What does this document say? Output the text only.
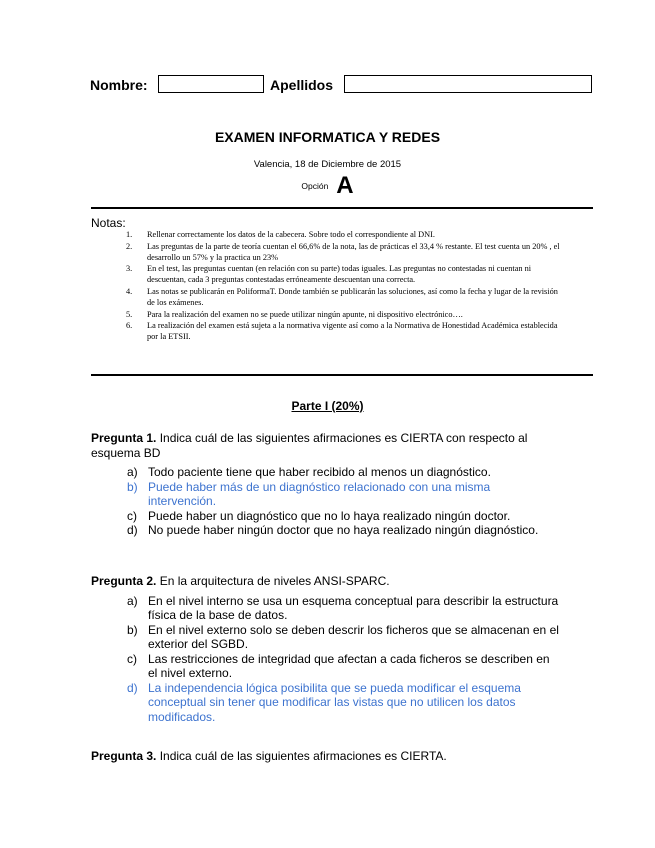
Nombre:	Apellidos
EXAMEN INFORMATICA Y REDES
Valencia, 18 de Diciembre de 2015
Opción A
Notas:
1. Rellenar correctamente los datos de la cabecera. Sobre todo el correspondiente al DNI.
2. Las preguntas de la parte de teoría cuentan el 66,6% de la nota, las de prácticas el 33,4 % restante. El test cuenta un 20% , el desarrollo un 57% y la practica un 23%
3. En el test, las preguntas cuentan (en relación con su parte) todas iguales. Las preguntas no contestadas ni cuentan ni descuentan, cada 3 preguntas contestadas erróneamente descuentan una correcta.
4. Las notas se publicarán en PoliformaT. Donde también se publicarán las soluciones, así como la fecha y lugar de la revisión de los exámenes.
5. Para la realización del examen no se puede utilizar ningún apunte, ni dispositivo electrónico….
6. La realización del examen está sujeta a la normativa vigente así como a la Normativa de Honestidad Académica establecida por la ETSII.
Parte I (20%)

Pregunta 1. Indica cuál de las siguientes afirmaciones es CIERTA con respecto al esquema BD

a) Todo paciente tiene que haber recibido al menos un diagnóstico.
b) Puede haber más de un diagnóstico relacionado con una misma intervención.
c) Puede haber un diagnóstico que no lo haya realizado ningún doctor.
d) No puede haber ningún doctor que no haya realizado ningún diagnóstico.

Pregunta 2. En la arquitectura de niveles ANSI-SPARC.

a) En el nivel interno se usa un esquema conceptual para describir la estructura física de la base de datos.
b) En el nivel externo solo se deben descrir los ficheros que se almacenan en el exterior del SGBD.
c) Las restricciones de integridad que afectan a cada ficheros se describen en el nivel externo.
d) La independencia lógica posibilita que se pueda modificar el esquema conceptual sin tener que modificar las vistas que no utilicen los datos modificados.

Pregunta 3. Indica cuál de las siguientes afirmaciones es CIERTA.
